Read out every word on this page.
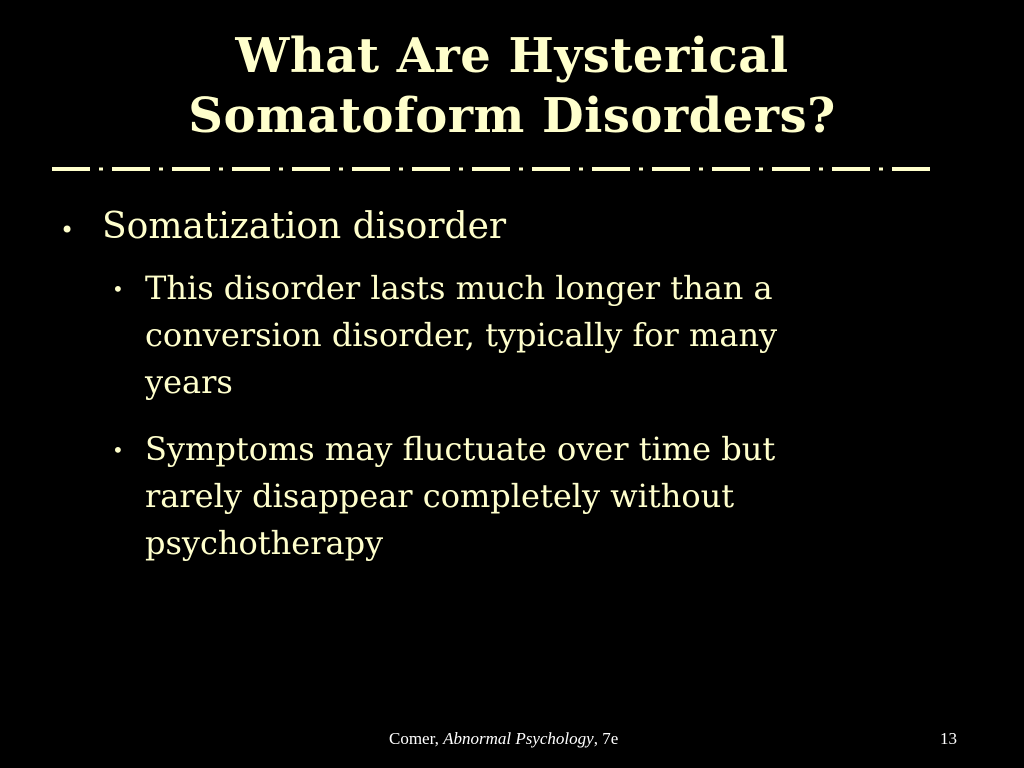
What Are Hysterical
Somatoform Disorders?
• Somatization disorder
• This disorder lasts much longer than a
conversion disorder, typically for many
years
• Symptoms may fluctuate over time but
rarely disappear completely without
psychotherapy
Comer, Abnormal Psychology, 7e	13
